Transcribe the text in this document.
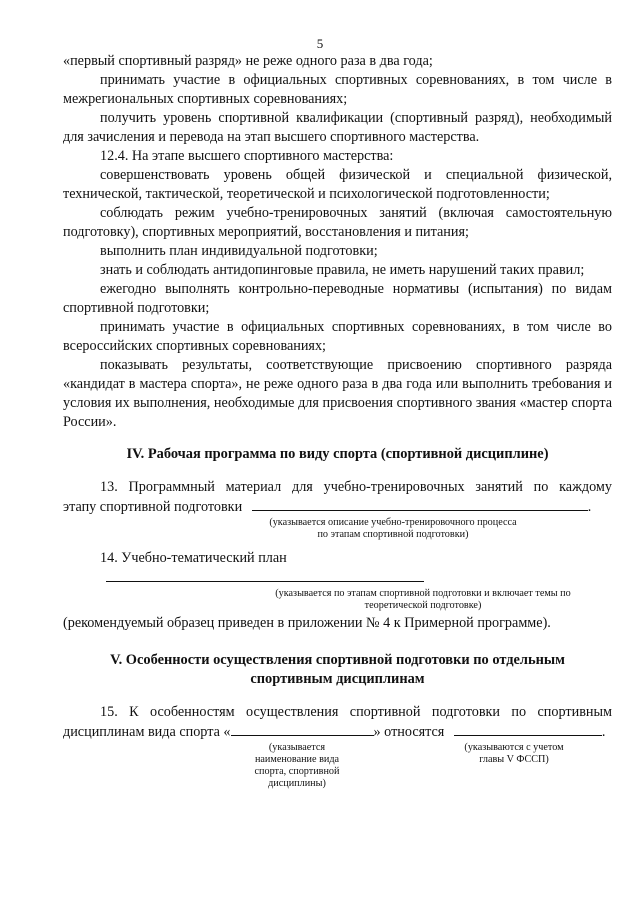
5

«первый спортивный разряд» не реже одного раза в два года;

принимать участие в официальных спортивных соревнованиях, в том числе в межрегиональных спортивных соревнованиях;

получить уровень спортивной квалификации (спортивный разряд), необходимый для зачисления и перевода на этап высшего спортивного мастерства.

12.4. На этапе высшего спортивного мастерства:

совершенствовать уровень общей физической и специальной физической, технической, тактической, теоретической и психологической подготовленности;

соблюдать режим учебно-тренировочных занятий (включая самостоятельную подготовку), спортивных мероприятий, восстановления и питания;

выполнить план индивидуальной подготовки;

знать и соблюдать антидопинговые правила, не иметь нарушений таких правил;

ежегодно выполнять контрольно-переводные нормативы (испытания) по видам спортивной подготовки;

принимать участие в официальных спортивных соревнованиях, в том числе во всероссийских спортивных соревнованиях;

показывать результаты, соответствующие присвоению спортивного разряда «кандидат в мастера спорта», не реже одного раза в два года или выполнить требования и условия их выполнения, необходимые для присвоения спортивного звания «мастер спорта России».

IV. Рабочая программа по виду спорта (спортивной дисциплине)

13. Программный материал для учебно-тренировочных занятий по каждому

этапу спортивной подготовки	.
(указывается описание учебно-тренировочного процесса по этапам спортивной подготовки)
14. Учебно-тематический план
(указывается по этапам спортивной подготовки и включает темы по теоретической подготовке)

(рекомендуемый образец приведен в приложении № 4 к Примерной программе).

V. Особенности осуществления спортивной подготовки по отдельным
спортивным дисциплинам

15. К особенностям осуществления спортивной подготовки по спортивным

дисциплинам вида спорта «	» относятся	.
(указывается наименование вида спорта, спортивной дисциплины)
(указываются с учетом главы V ФССП)
